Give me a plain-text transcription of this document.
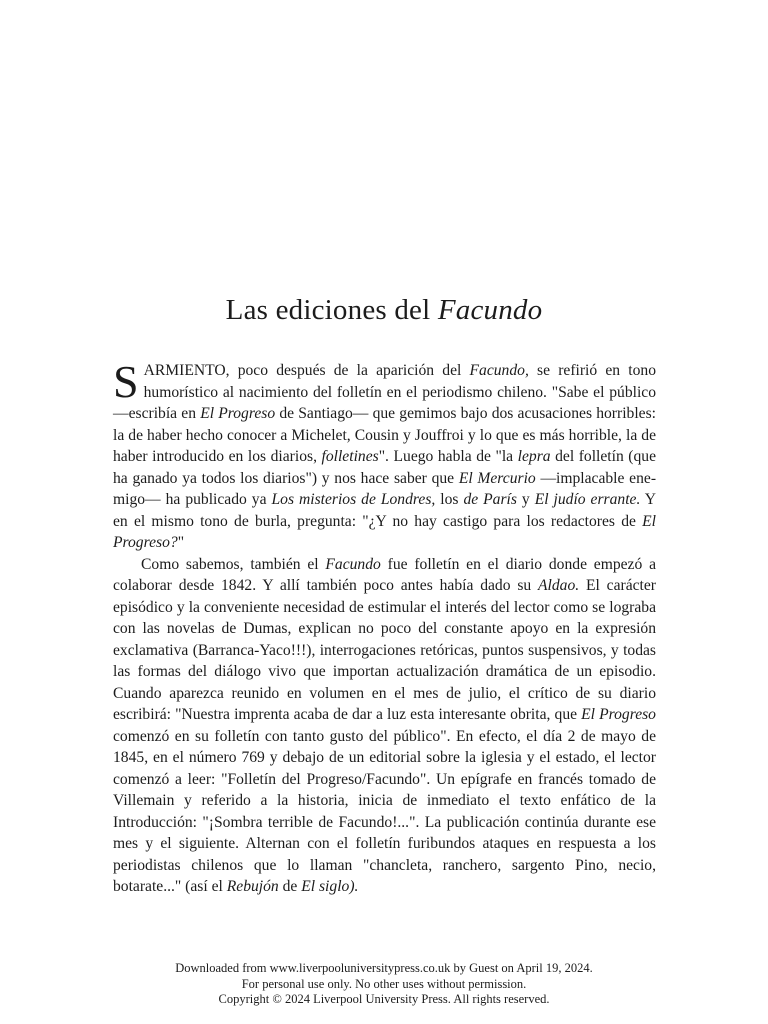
Las ediciones del Facundo

SARMIENTO, poco después de la aparición del Facundo, se refirió en tono humorístico al nacimiento del folletín en el periodismo chileno. "Sabe el público —escribía en El Progreso de Santiago— que gemimos bajo dos acusaciones horribles: la de haber hecho conocer a Michelet, Cousin y Jouffroi y lo que es más horrible, la de haber introducido en los diarios, folletines". Luego habla de "la lepra del folletín (que ha ganado ya todos los diarios") y nos hace saber que El Mercurio —implacable enemigo— ha publicado ya Los misterios de Londres, los de París y El judío errante. Y en el mismo tono de burla, pregunta: "¿Y no hay castigo para los redactores de El Progreso?"

Como sabemos, también el Facundo fue folletín en el diario donde empezó a colaborar desde 1842. Y allí también poco antes había dado su Aldao. El carácter episódico y la conveniente necesidad de estimular el interés del lector como se lograba con las novelas de Dumas, explican no poco del constante apoyo en la expresión exclamativa (Barranca-Yaco!!!), interrogaciones retóricas, puntos suspensivos, y todas las formas del diálogo vivo que importan actualización dramática de un episodio. Cuando aparezca reunido en volumen en el mes de julio, el crítico de su diario escribirá: "Nuestra imprenta acaba de dar a luz esta interesante obrita, que El Progreso comenzó en su folletín con tanto gusto del público". En efecto, el día 2 de mayo de 1845, en el número 769 y debajo de un editorial sobre la iglesia y el estado, el lector comenzó a leer: "Folletín del Progreso/Facundo". Un epígrafe en francés tomado de Villemain y referido a la historia, inicia de inmediato el texto enfático de la Introducción: "¡Sombra terrible de Facundo!...". La publicación continúa durante ese mes y el siguiente. Alternan con el folletín furibundos ataques en respuesta a los periodistas chilenos que lo llaman "chancleta, ranchero, sargento Pino, necio, botarate..." (así el Rebujón de El siglo).

Downloaded from www.liverpooluniversitypress.co.uk by Guest on April 19, 2024.
For personal use only. No other uses without permission.
Copyright © 2024 Liverpool University Press. All rights reserved.
